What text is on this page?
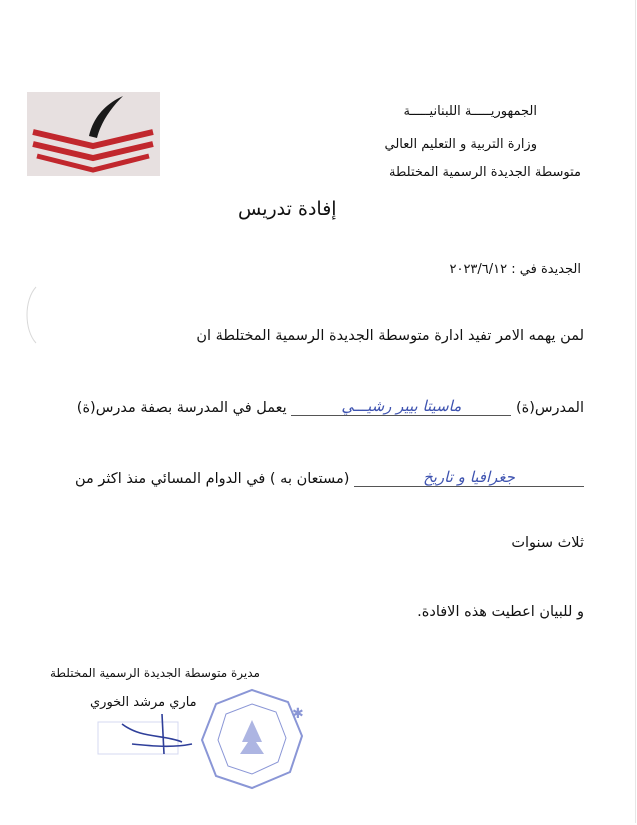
الجمهوريـــــة اللبنانيـــــة
وزارة التربية و التعليم العالي
متوسطة الجديدة الرسمية المختلطة
إفادة تدريس
الجديدة في : ٢٠٢٣/٦/١٢
لمن يهمه الامر تفيد ادارة متوسطة الجديدة الرسمية المختلطة ان
المدرس(ة) ماسيتا بيير رشيـــي يعمل في المدرسة بصفة مدرس(ة)
جغرافيا و تاريخ (مستعان به ) في الدوام المسائي منذ اكثر من
ثلاث سنوات
و للبيان اعطيت هذه الافادة.
✱
مديرة متوسطة الجديدة الرسمية المختلطة
ماري مرشد الخوري
